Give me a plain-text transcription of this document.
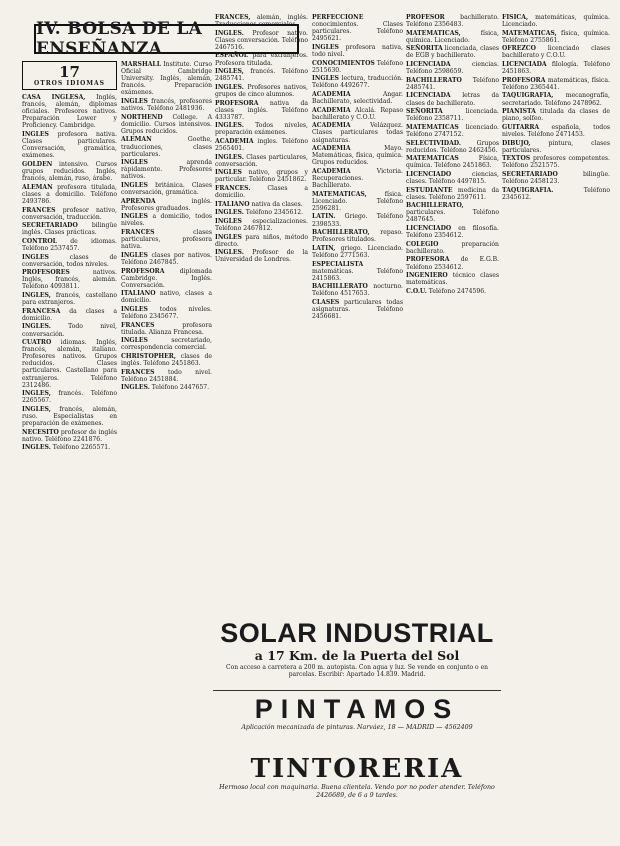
IV. BOLSA DE LA ENSEÑANZA
17
OTROS IDIOMAS

CASA INGLESA, Inglés, francés, alemán, diplomas oficiales. Profesores nativos. Preparación Lower y Proficiency. Cambridge.

INGLES profesora nativa. Clases particulares. Conversación, gramática, exámenes.

GOLDEN intensivo. Cursos grupos reducidos. Inglés, francés, alemán, ruso, árabe.

ALEMAN profesora titulada, clases a domicilio. Teléfono 2493786.

FRANCES profesor nativo, conversación, traducción.

SECRETARIADO bilingüe inglés. Clases prácticas.

CONTROL de idiomas. Teléfono 2537457.

INGLES clases de conversación, todos niveles.

PROFESORES nativos. Inglés, francés, alemán. Teléfono 4093811.

INGLES, francés, castellano para extranjeros.

FRANCESA da clases a domicilio.

INGLES. Todo nivel, conversación.

CUATRO idiomas. Inglés, francés, alemán, italiano. Profesores nativos. Grupos reducidos. Clases particulares. Castellano para extranjeros. Teléfono 2312486.

INGLES, francés. Teléfono 2265567.

INGLES, francés, alemán, ruso. Especialistas en preparación de exámenes.

NECESITO profesor de inglés nativo. Teléfono 2241876.

INGLES. Teléfono 2265571.

MARSHALL Institute. Curso Oficial Cambridge University. Inglés, alemán, francés. Preparación exámenes.

INGLES francés, profesores nativos. Teléfono 2481936.

NORTHEND College. A domicilio. Cursos intensivos. Grupos reducidos.

ALEMAN Goethe, traducciones, clases particulares.

INGLES aprenda rápidamente. Profesores nativos.

INGLES británica. Clases conversación, gramática.

APRENDA inglés. Profesores graduados.

INGLES a domicilio, todos niveles.

FRANCES clases particulares, profesora nativa.

INGLES clases por nativos. Teléfono 2467845.

PROFESORA diplomada Cambridge. Inglés. Conversación.

ITALIANO nativo, clases a domicilio.

INGLES todos niveles. Teléfono 2345677.

FRANCES profesora titulada. Alianza Francesa.

INGLES secretariado, correspondencia comercial.

CHRISTOPHER, clases de inglés. Teléfono 2451863.

FRANCES todo nivel. Teléfono 2451884.

INGLES. Teléfono 2447657.

FRANCES, alemán, inglés. Traducciones comerciales.

INGLES. Profesor nativo. Clases conversación. Teléfono 2467516.

ESPAÑOL para extranjeros. Profesora titulada.

INGLES, francés. Teléfono 2485741.

INGLES. Profesores nativos, grupos de cinco alumnos.

PROFESORA nativa da clases inglés. Teléfono 4333787.

INGLES. Todos niveles, preparación exámenes.

ACADEMIA ingles. Teléfono 2565401.

INGLES. Clases particulares, conversación.

INGLES nativo, grupos y particular. Teléfono 2451862.

FRANCES. Clases a domicilio.

ITALIANO nativa da clases.

INGLES. Teléfono 2345612.

INGLES especializaciones. Teléfono 2467812.

INGLES para niños, método directo.

INGLES. Profesor de la Universidad de Londres.

PERFECCIONE conocimientos. Clases particulares. Teléfono 2495621.

INGLES profesora nativa, todo nivel.

CONOCIMIENTOS Teléfono 2515630.

INGLES lectura, traducción. Teléfono 4492677.

ACADEMIA Angar. Bachillerato, selectividad.

ACADEMIA Alcalá. Repaso bachillerato y C.O.U.

ACADEMIA Velázquez. Clases particulares todas asignaturas.

ACADEMIA Mayo. Matemáticas, física, química. Grupos reducidos.

ACADEMIA Victoria. Recuperaciones. Bachillerato.

MATEMATICAS, física. Licenciado. Teléfono 2596281.

LATIN. Griego. Teléfono 2398533.

BACHILLERATO, repaso. Profesores titulados.

LATIN, griego. Licenciado. Teléfono 2771563.

ESPECIALISTA matemáticas. Teléfono 2415863.

BACHILLERATO nocturno. Teléfono 4517653.

CLASES particulares todas asignaturas. Teléfono 2456681.

PROFESOR bachillerato. Teléfono 2356483.

MATEMATICAS, física, química. Licenciado.

SEÑORITA licenciada, clases de EGB y bachillerato.

LICENCIADA ciencias. Teléfono 2598659.

BACHILLERATO Teléfono 2485741.

LICENCIADA letras da clases de bachillerato.

SEÑORITA licenciada. Teléfono 2358711.

MATEMATICAS licenciado. Teléfono 2747152.

SELECTIVIDAD. Grupos reducidos. Teléfono 2462456.

MATEMATICAS Física, química. Teléfono 2451863.

LICENCIADO ciencias, clases. Teléfono 4497815.

ESTUDIANTE medicina da clases. Teléfono 2597611.

BACHILLERATO, particulares. Teléfono 2487645.

LICENCIADO en filosofía. Teléfono 2354612.

COLEGIO preparación bachillerato.

PROFESORA de E.G.B. Teléfono 2534612.

INGENIERO técnico clases matemáticas.

C.O.U. Teléfono 2474596.

FISICA, matemáticas, química. Licenciado.

MATEMATICAS, física, química. Teléfono 2755861.

OFREZCO licenciado clases bachillerato y C.O.U.

LICENCIADA filología. Teléfono 2451863.

PROFESORA matemáticas, física. Teléfono 2365441.

TAQUIGRAFIA, mecanografía, secretariado. Teléfono 2478962.

PIANISTA titulada da clases de piano, solfeo.

GUITARRA española, todos niveles. Teléfono 2471453.

DIBUJO, pintura, clases particulares.

TEXTOS profesores competentes. Teléfono 2521575.

SECRETARIADO bilingüe. Teléfono 2458123.

TAQUIGRAFIA. Teléfono 2345612.

SOLAR INDUSTRIAL
a 17 Km. de la Puerta del Sol
Con acceso a carretera a 200 m. autopista. Con agua y luz. Se vende en conjunto o en parcelas. Escribir: Apartado 14.839. Madrid.
PINTAMOS
Aplicación mecanizada de pinturas. Narváez, 18 — MADRID — 4562409
TINTORERIA
Hermoso local con maquinaria. Buena clientela. Vendo por no poder atender. Teléfono 2426689, de 6 a 9 tardes.
